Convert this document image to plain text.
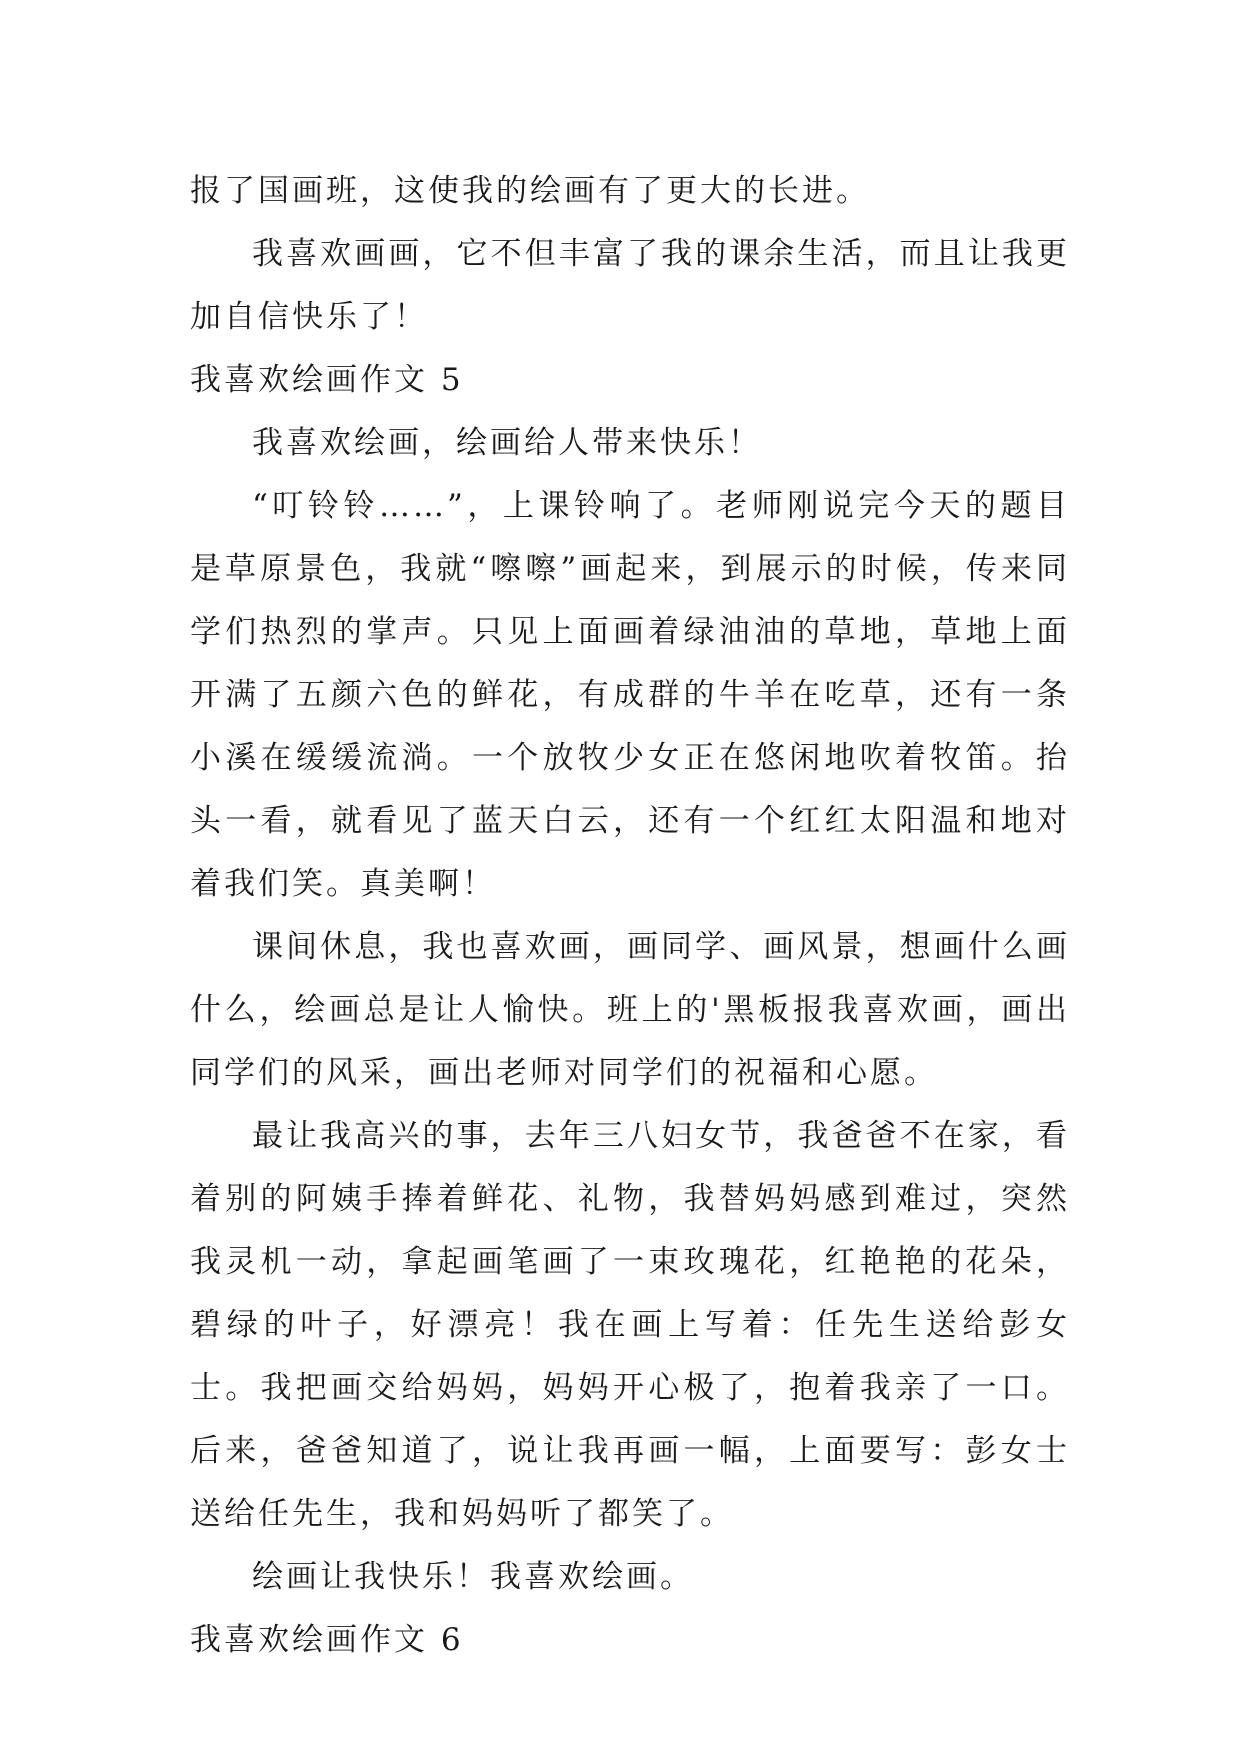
报了国画班，这使我的绘画有了更大的长进。

我喜欢画画，它不但丰富了我的课余生活，而且让我更加自信快乐了！

我喜欢绘画作文 5

我喜欢绘画，绘画给人带来快乐！

“叮铃铃……”，上课铃响了。老师刚说完今天的题目是草原景色，我就“嚓嚓”画起来，到展示的时候，传来同学们热烈的掌声。只见上面画着绿油油的草地，草地上面开满了五颜六色的鲜花，有成群的牛羊在吃草，还有一条小溪在缓缓流淌。一个放牧少女正在悠闲地吹着牧笛。抬头一看，就看见了蓝天白云，还有一个红红太阳温和地对着我们笑。真美啊！

课间休息，我也喜欢画，画同学、画风景，想画什么画什么，绘画总是让人愉快。班上的'黑板报我喜欢画，画出同学们的风采，画出老师对同学们的祝福和心愿。

最让我高兴的事，去年三八妇女节，我爸爸不在家，看着别的阿姨手捧着鲜花、礼物，我替妈妈感到难过，突然我灵机一动，拿起画笔画了一束玫瑰花，红艳艳的花朵，碧绿的叶子，好漂亮！我在画上写着：任先生送给彭女士。我把画交给妈妈，妈妈开心极了，抱着我亲了一口。后来，爸爸知道了，说让我再画一幅，上面要写：彭女士送给任先生，我和妈妈听了都笑了。

绘画让我快乐！我喜欢绘画。

我喜欢绘画作文 6
